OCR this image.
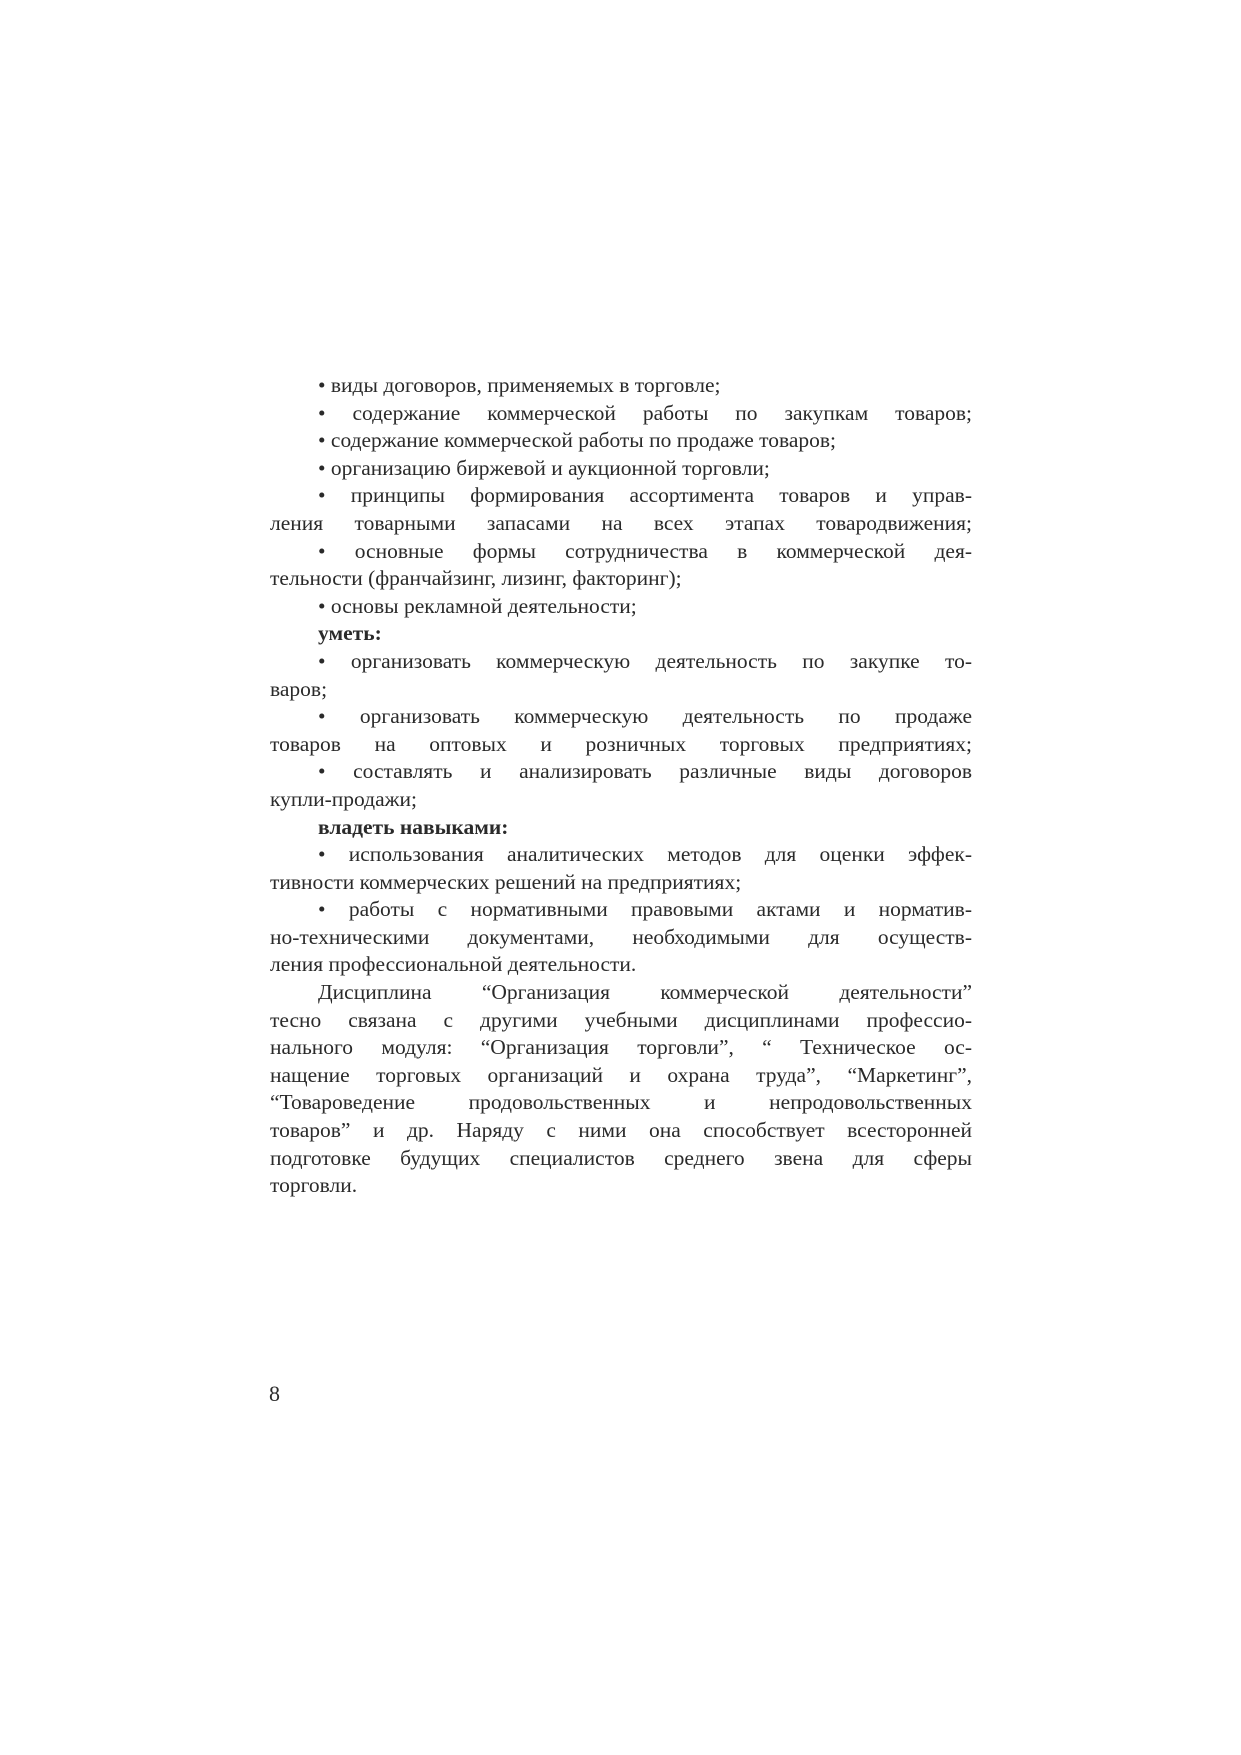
• виды договоров, применяемых в торговле;
• содержание коммерческой работы по закупкам товаров;
• содержание коммерческой работы по продаже товаров;
• организацию биржевой и аукционной торговли;
• принципы формирования ассортимента товаров и управ-
ления товарными запасами на всех этапах товародвижения;
• основные формы сотрудничества в коммерческой дея-
тельности (франчайзинг, лизинг, факторинг);
• основы рекламной деятельности;
уметь:
• организовать коммерческую деятельность по закупке то-
варов;
• организовать коммерческую деятельность по продаже
товаров на оптовых и розничных торговых предприятиях;
• составлять и анализировать различные виды договоров
купли-продажи;
владеть навыками:
• использования аналитических методов для оценки эффек-
тивности коммерческих решений на предприятиях;
• работы с нормативными правовыми актами и норматив-
но-техническими документами, необходимыми для осуществ-
ления профессиональной деятельности.
Дисциплина “Организация коммерческой деятельности”
тесно связана с другими учебными дисциплинами профессио-
нального модуля: “Организация торговли”, “ Техническое ос-
нащение торговых организаций и охрана труда”, “Маркетинг”,
“Товароведение продовольственных и непродовольственных
товаров” и др. Наряду с ними она способствует всесторонней
подготовке будущих специалистов среднего звена для сферы
торговли.
8
